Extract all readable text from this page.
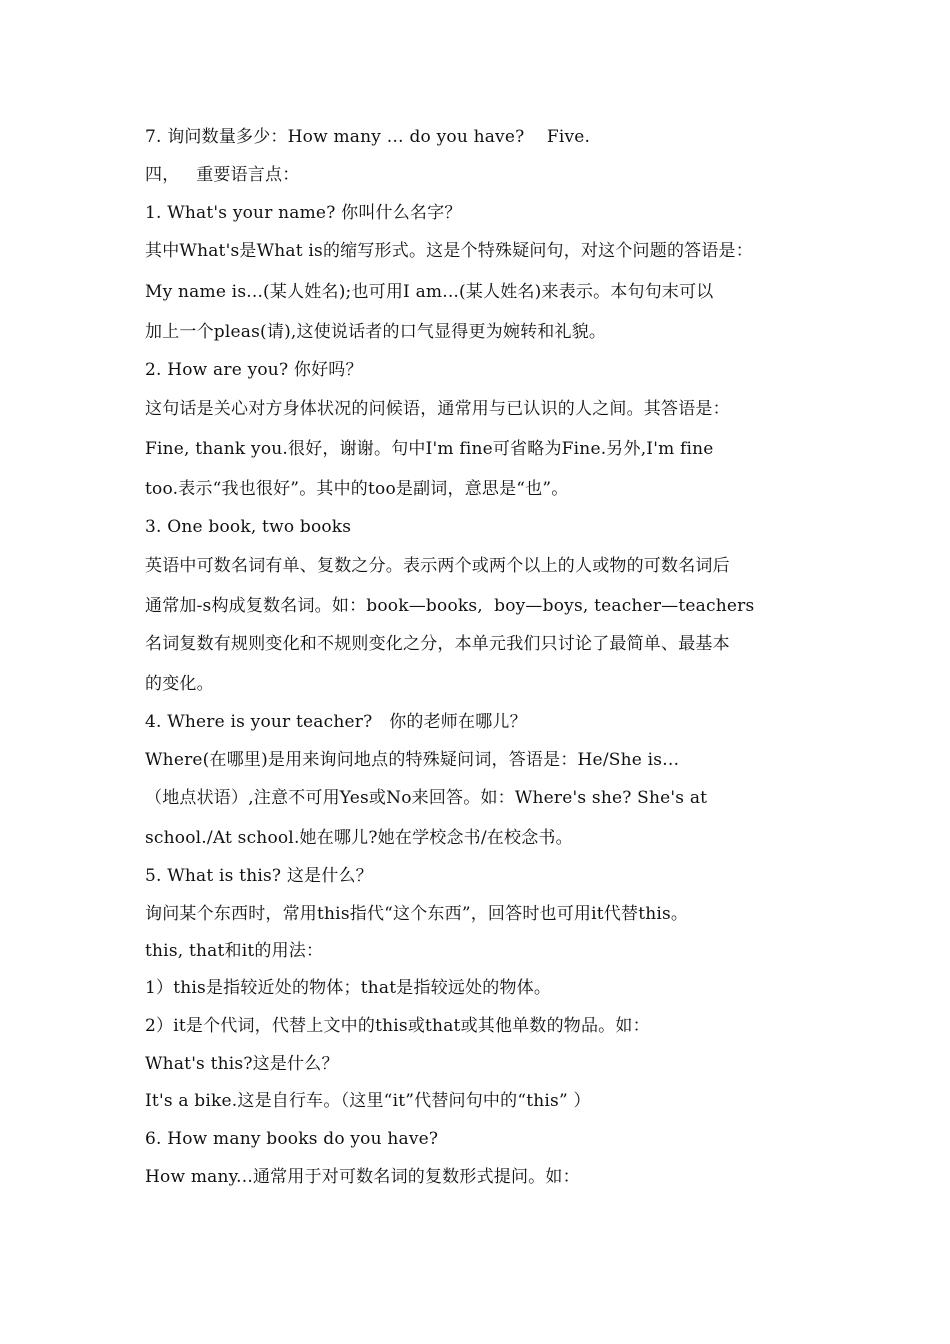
7. 询问数量多少：How many … do you have?    Five.
四，   重要语言点：
1. What's your name? 你叫什么名字？
其中What's是What is的缩写形式。这是个特殊疑问句，对这个问题的答语是：
My name is...(某人姓名);也可用I am...(某人姓名)来表示。本句句末可以
加上一个pleas(请),这使说话者的口气显得更为婉转和礼貌。
2. How are you? 你好吗？
这句话是关心对方身体状况的问候语，通常用与已认识的人之间。其答语是：
Fine, thank you.很好，谢谢。句中I'm fine可省略为Fine.另外,I'm fine
too.表示“我也很好”。其中的too是副词，意思是“也”。
3. One book, two books
英语中可数名词有单、复数之分。表示两个或两个以上的人或物的可数名词后
通常加-s构成复数名词。如：book—books,  boy—boys, teacher—teachers
名词复数有规则变化和不规则变化之分，本单元我们只讨论了最简单、最基本
的变化。
4. Where is your teacher?   你的老师在哪儿？
Where(在哪里)是用来询问地点的特殊疑问词，答语是：He/She is…
（地点状语）,注意不可用Yes或No来回答。如：Where's she? She's at
school./At school.她在哪儿?她在学校念书/在校念书。
5. What is this? 这是什么？
询问某个东西时，常用this指代“这个东西”，回答时也可用it代替this。
this, that和it的用法：
1）this是指较近处的物体；that是指较远处的物体。
2）it是个代词，代替上文中的this或that或其他单数的物品。如：
What's this?这是什么？
It's a bike.这是自行车。（这里“it”代替问句中的“this” ）
6. How many books do you have?
How many...通常用于对可数名词的复数形式提问。如：
